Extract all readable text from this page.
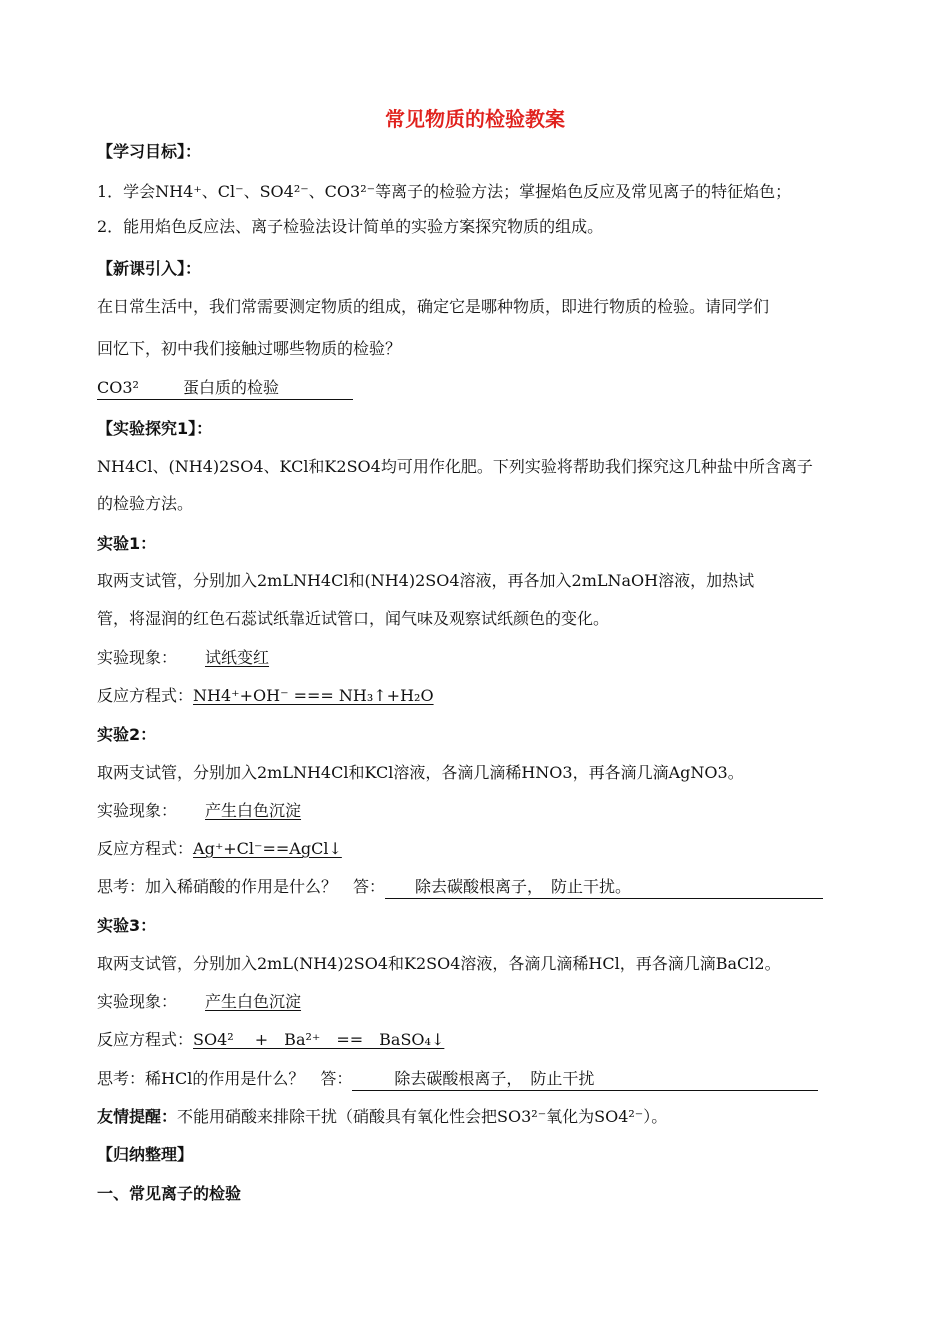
常见物质的检验教案
【学习目标】：
1．学会NH4⁺、Cl⁻、SO4²⁻、CO3²⁻等离子的检验方法；掌握焰色反应及常见离子的特征焰色；
2．能用焰色反应法、离子检验法设计简单的实验方案探究物质的组成。
【新课引入】：
在日常生活中，我们常需要测定物质的组成，确定它是哪种物质，即进行物质的检验。请同学们
回忆下，初中我们接触过哪些物质的检验？
CO3²	蛋白质的检验
【实验探究1】：
NH4Cl、(NH4)2SO4、KCl和K2SO4均可用作化肥。下列实验将帮助我们探究这几种盐中所含离子
的检验方法。
实验1：
取两支试管，分别加入2mLNH4Cl和(NH4)2SO4溶液，再各加入2mLNaOH溶液，加热试
管，将湿润的红色石蕊试纸靠近试管口，闻气味及观察试纸颜色的变化。
实验现象： 试纸变红
反应方程式：NH4⁺+OH⁻ === NH₃↑+H₂O
实验2：
取两支试管，分别加入2mLNH4Cl和KCl溶液，各滴几滴稀HNO3，再各滴几滴AgNO3。
实验现象： 产生白色沉淀
反应方程式：Ag⁺+Cl⁻==AgCl↓
思考：加入稀硝酸的作用是什么？　答： 除去碳酸根离子，　防止干扰。
实验3：
取两支试管，分别加入2mL(NH4)2SO4和K2SO4溶液，各滴几滴稀HCl，再各滴几滴BaCl2。
实验现象： 产生白色沉淀
反应方程式：SO4²　 +　Ba²⁺　==　BaSO₄↓
思考：稀HCl的作用是什么？　答：	除去碳酸根离子，　防止干扰
友情提醒：不能用硝酸来排除干扰（硝酸具有氧化性会把SO3²⁻氧化为SO4²⁻）。
【归纳整理】
一、常见离子的检验
